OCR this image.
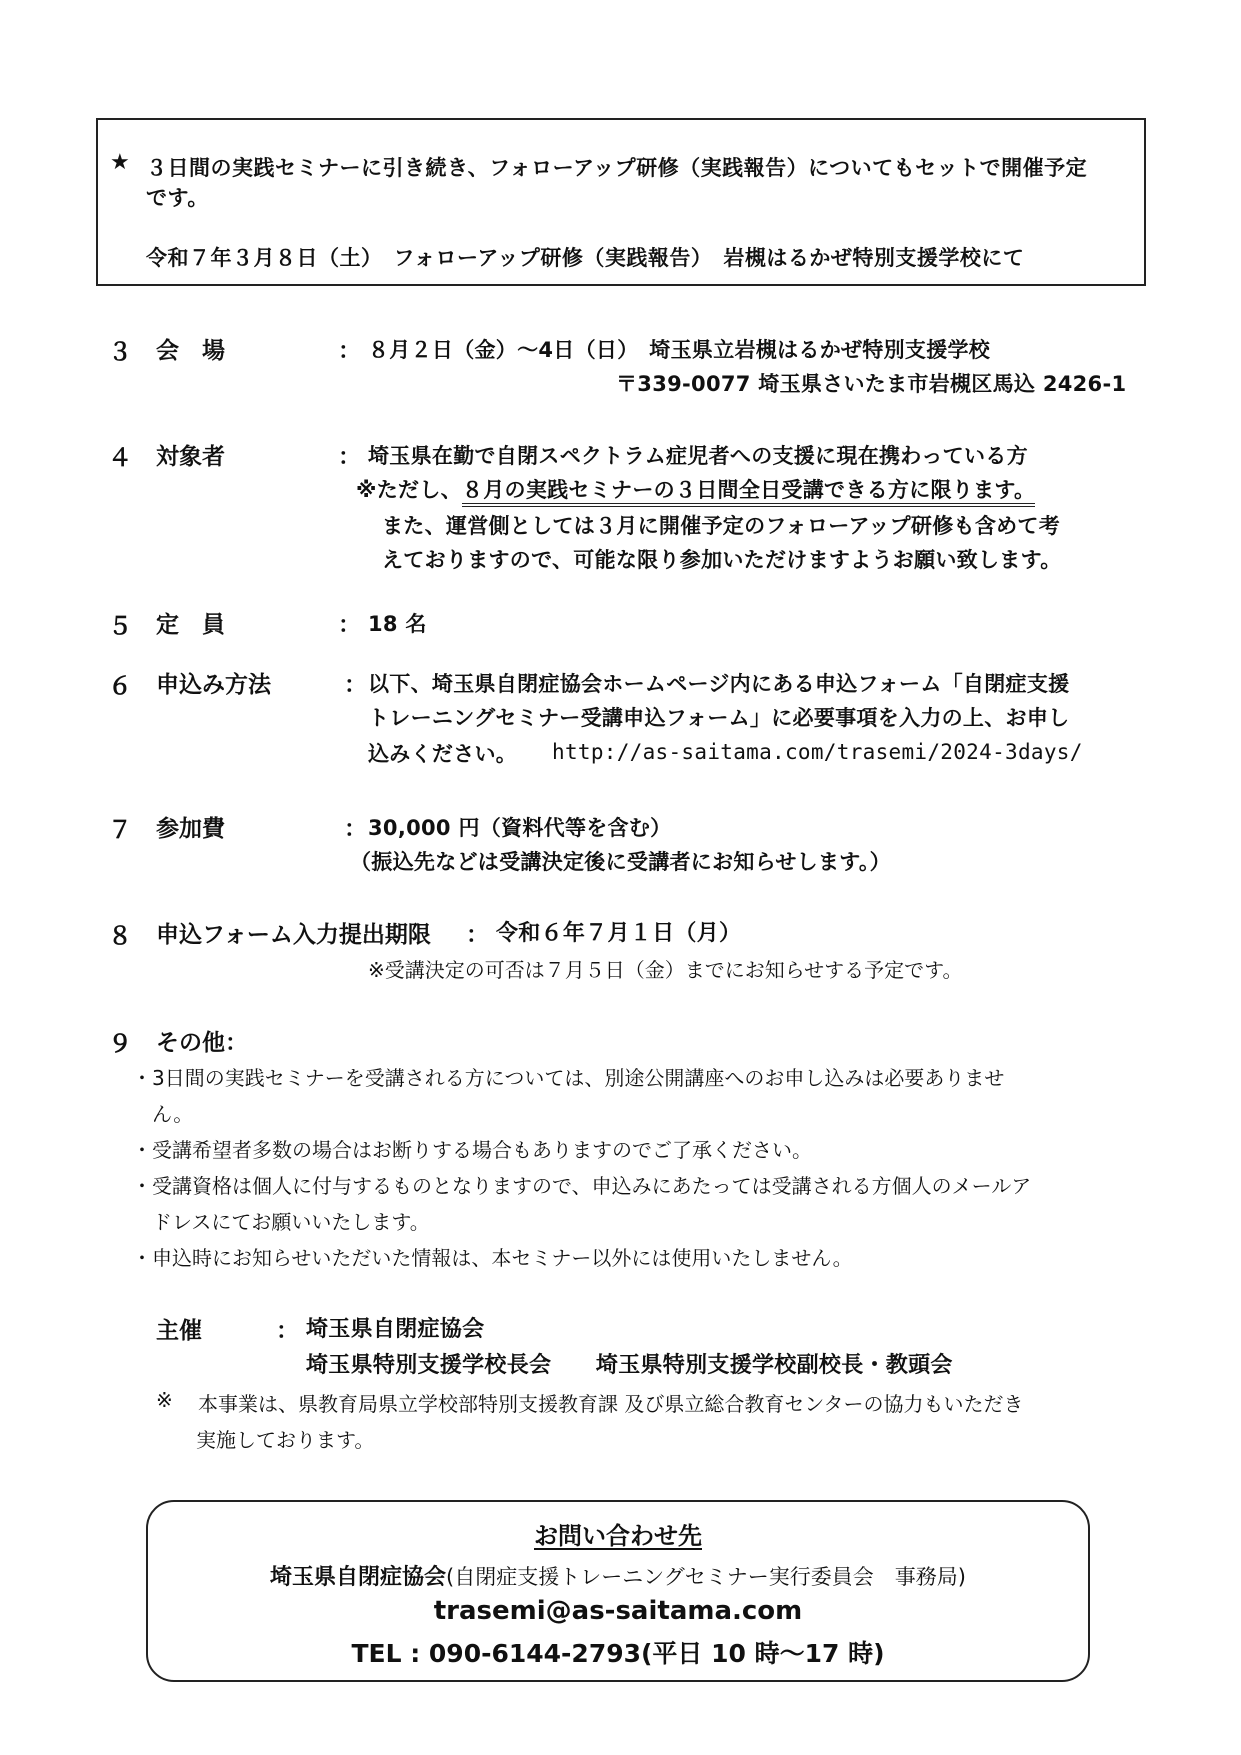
★ ３日間の実践セミナーに引き続き、フォローアップ研修（実践報告）についてもセットで開催予定
です。
令和７年３月８日（土）　フォローアップ研修（実践報告）　岩槻はるかぜ特別支援学校にて
３ 会　場	： ８月２日（金）～4日（日）　埼玉県立岩槻はるかぜ特別支援学校
〒339-0077 埼玉県さいたま市岩槻区馬込 2426-1
４ 対象者	： 埼玉県在勤で自閉スペクトラム症児者への支援に現在携わっている方
※ただし、８月の実践セミナーの３日間全日受講できる方に限ります。
また、運営側としては３月に開催予定のフォローアップ研修も含めて考
えておりますので、可能な限り参加いただけますようお願い致します。
５ 定　員	： 18 名
６ 申込み方法	： 以下、埼玉県自閉症協会ホームページ内にある申込フォーム「自閉症支援
トレーニングセミナー受講申込フォーム」に必要事項を入力の上、お申し
込みください。 http://as-saitama.com/trasemi/2024-3days/
７ 参加費	： 30,000 円（資料代等を含む）
（振込先などは受講決定後に受講者にお知らせします。）
８ 申込フォーム入力提出期限 ： 令和６年７月１日（月）
※受講決定の可否は７月５日（金）までにお知らせする予定です。
９ その他：
・3日間の実践セミナーを受講される方については、別途公開講座へのお申し込みは必要ありませ
　ん。
・受講希望者多数の場合はお断りする場合もありますのでご了承ください。
・受講資格は個人に付与するものとなりますので、申込みにあたっては受講される方個人のメールア
　ドレスにてお願いいたします。
・申込時にお知らせいただいた情報は、本セミナー以外には使用いたしません。
主催	： 埼玉県自閉症協会
埼玉県特別支援学校長会　　埼玉県特別支援学校副校長・教頭会
※ 本事業は、県教育局県立学校部特別支援教育課 及び県立総合教育センターの協力もいただき
実施しております。
お問い合わせ先
埼玉県自閉症協会(自閉症支援トレーニングセミナー実行委員会　事務局)
trasemi@as-saitama.com
TEL : 090-6144-2793(平日 10 時～17 時)
